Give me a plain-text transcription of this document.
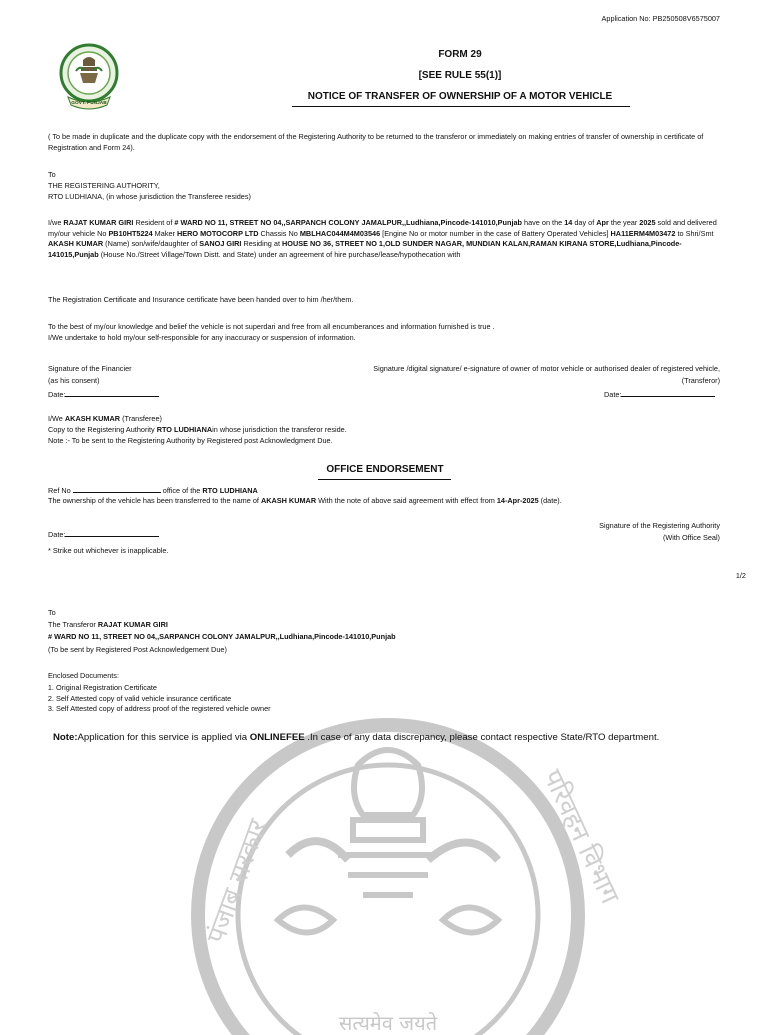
सत्यमेव जयते
पंजाब सरकार	परिवहन विभाग
Application No: PB250508V6575007
GOVT. PUNJAB
FORM 29
[SEE RULE 55(1)]
NOTICE OF TRANSFER OF OWNERSHIP OF A MOTOR VEHICLE
( To be made in duplicate and the duplicate copy with the endorsement of the Registering Authority to be returned to the transferor or immediately on making entries of transfer of ownership in certificate of Registration and Form 24).
To
THE REGISTERING AUTHORITY,
RTO LUDHIANA, (in whose jurisdiction the Transferee resides)
I/we RAJAT KUMAR GIRI Resident of # WARD NO 11, STREET NO 04,,SARPANCH COLONY JAMALPUR,,Ludhiana,Pincode-141010,Punjab have on the 14 day of Apr the year 2025 sold and delivered my/our vehicle No PB10HT5224 Maker HERO MOTOCORP LTD Chassis No MBLHAC044M4M03546 [Engine No or motor number in the case of Battery Operated Vehicles] HA11ERM4M03472 to Shri/Smt AKASH KUMAR (Name) son/wife/daughter of SANOJ GIRI Residing at HOUSE NO 36, STREET NO 1,OLD SUNDER NAGAR, MUNDIAN KALAN,RAMAN KIRANA STORE,Ludhiana,Pincode-141015,Punjab (House No./Street Village/Town Distt. and State) under an agreement of hire purchase/lease/hypothecation with
The Registration Certificate and Insurance certificate have been handed over to him /her/them.
To the best of my/our knowledge and belief the vehicle is not superdari and free from all encumberances and information furnished is true .
I/We undertake to hold my/our self-responsible for any inaccuracy or suspension of information.
Signature of the Financier
(as his consent)
Date:
Signature /digital signature/ e-signature of owner of motor vehicle or authorised dealer of registered vehicle,
(Transferor)
Date:
I/We AKASH KUMAR (Transferee)
Copy to the Registering Authority RTO LUDHIANAin whose jurisdiction the transferor reside.
Note :- To be sent to the Registering Authority by Registered post Acknowledgment Due.
OFFICE ENDORSEMENT
Ref No	office of the RTO LUDHIANA
The ownership of the vehicle has been transferred to the name of AKASH KUMAR With the note of above said agreement with effect from 14-Apr-2025 (date).
Signature of the Registering Authority
(With Office Seal)
Date:
* Strike out whichever is inapplicable.
1/2
To
The Transferor RAJAT KUMAR GIRI
# WARD NO 11, STREET NO 04,,SARPANCH COLONY JAMALPUR,,Ludhiana,Pincode-141010,Punjab
(To be sent by Registered Post Acknowledgement Due)
Enclosed Documents:
1. Original Registration Certificate
2. Self Attested copy of valid vehicle insurance certificate
3. Self Attested copy of address proof of the registered vehicle owner
Note:Application for this service is applied via ONLINEFEE .In case of any data discrepancy, please contact respective State/RTO department.
